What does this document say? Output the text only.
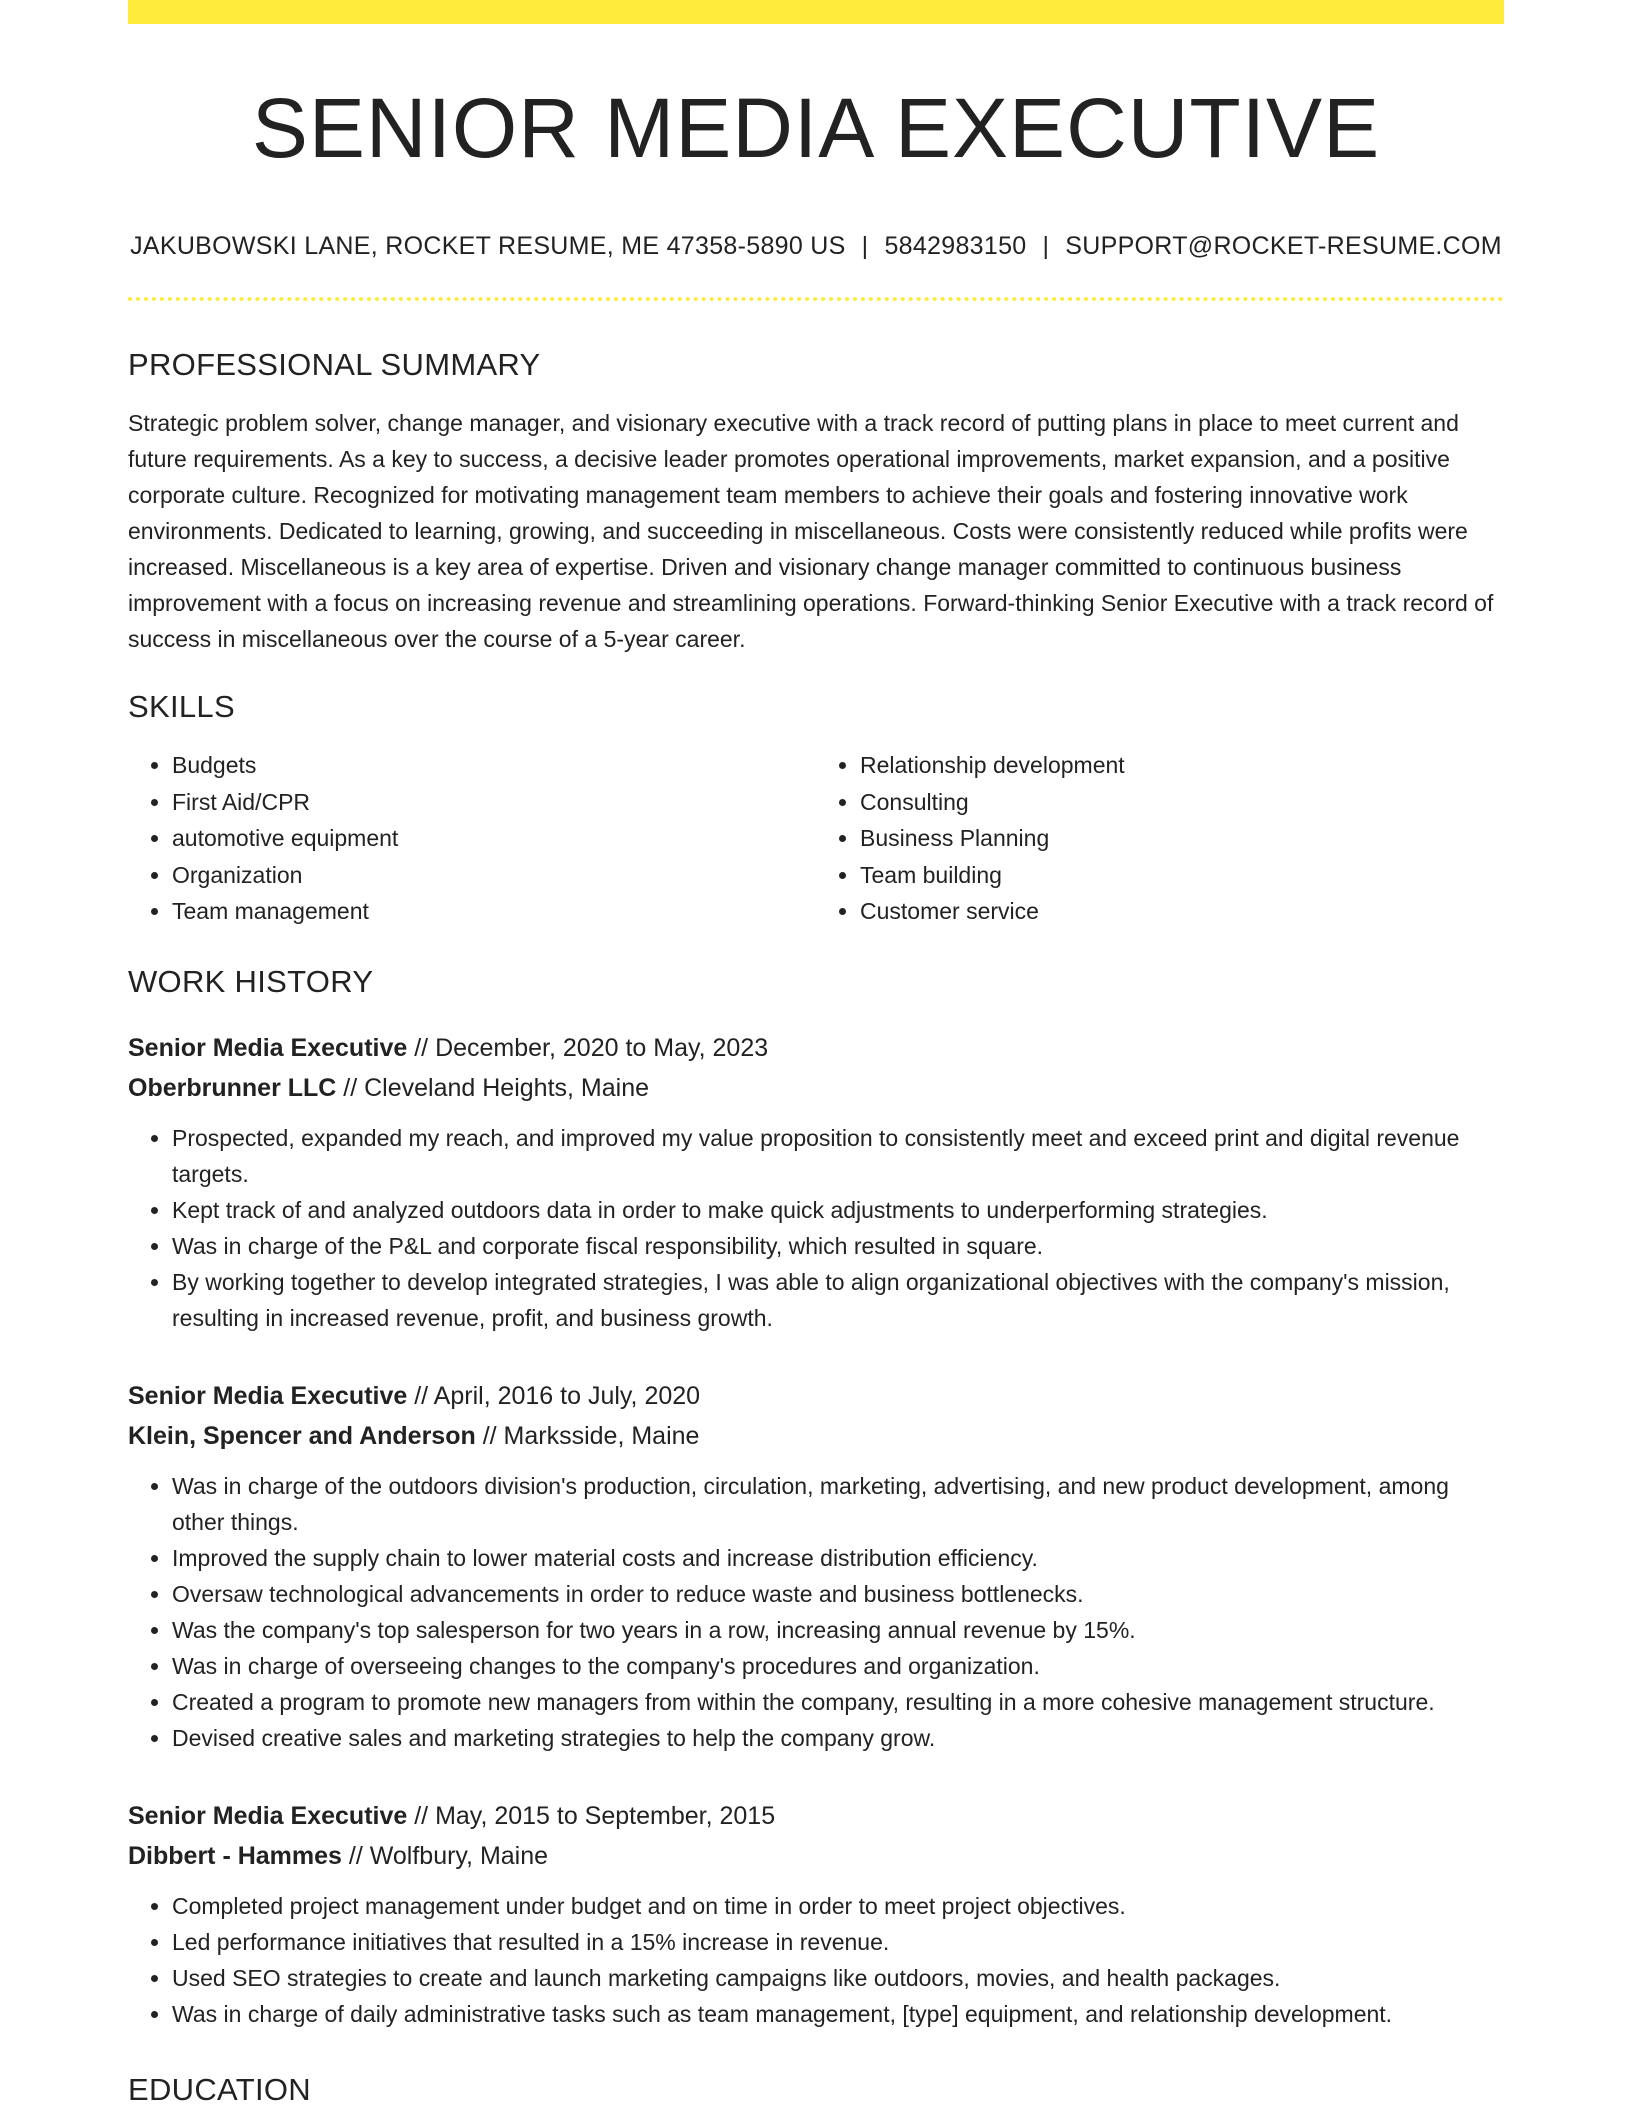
SENIOR MEDIA EXECUTIVE
JAKUBOWSKI LANE, ROCKET RESUME, ME 47358-5890 US | 5842983150 | SUPPORT@ROCKET-RESUME.COM
PROFESSIONAL SUMMARY

Strategic problem solver, change manager, and visionary executive with a track record of putting plans in place to meet current and future requirements. As a key to success, a decisive leader promotes operational improvements, market expansion, and a positive corporate culture. Recognized for motivating management team members to achieve their goals and fostering innovative work environments. Dedicated to learning, growing, and succeeding in miscellaneous. Costs were consistently reduced while profits were increased. Miscellaneous is a key area of expertise. Driven and visionary change manager committed to continuous business improvement with a focus on increasing revenue and streamlining operations. Forward-thinking Senior Executive with a track record of success in miscellaneous over the course of a 5-year career.

SKILLS
• Budgets
• First Aid/CPR
• automotive equipment
• Organization
• Team management
• Relationship development
• Consulting
• Business Planning
• Team building
• Customer service
WORK HISTORY
Senior Media Executive // December, 2020 to May, 2023
Oberbrunner LLC // Cleveland Heights, Maine
• Prospected, expanded my reach, and improved my value proposition to consistently meet and exceed print and digital revenue targets.
• Kept track of and analyzed outdoors data in order to make quick adjustments to underperforming strategies.
• Was in charge of the P&L and corporate fiscal responsibility, which resulted in square.
• By working together to develop integrated strategies, I was able to align organizational objectives with the company's mission, resulting in increased revenue, profit, and business growth.
Senior Media Executive // April, 2016 to July, 2020
Klein, Spencer and Anderson // Marksside, Maine
• Was in charge of the outdoors division's production, circulation, marketing, advertising, and new product development, among other things.
• Improved the supply chain to lower material costs and increase distribution efficiency.
• Oversaw technological advancements in order to reduce waste and business bottlenecks.
• Was the company's top salesperson for two years in a row, increasing annual revenue by 15%.
• Was in charge of overseeing changes to the company's procedures and organization.
• Created a program to promote new managers from within the company, resulting in a more cohesive management structure.
• Devised creative sales and marketing strategies to help the company grow.
Senior Media Executive // May, 2015 to September, 2015
Dibbert - Hammes // Wolfbury, Maine
• Completed project management under budget and on time in order to meet project objectives.
• Led performance initiatives that resulted in a 15% increase in revenue.
• Used SEO strategies to create and launch marketing campaigns like outdoors, movies, and health packages.
• Was in charge of daily administrative tasks such as team management, [type] equipment, and relationship development.
EDUCATION
